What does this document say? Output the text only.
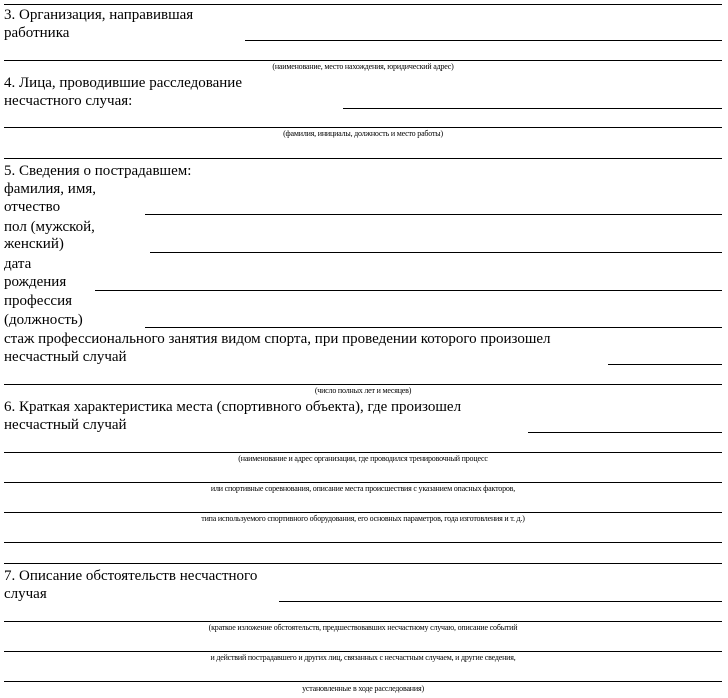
3. Организация, направившая
работника
(наименование, место нахождения, юридический адрес)
4. Лица, проводившие расследование
несчастного случая:
(фамилия, инициалы, должность и место работы)
5. Сведения о пострадавшем:
фамилия, имя,
отчество
пол (мужской,
женский)
дата
рождения
профессия
(должность)
стаж профессионального занятия видом спорта, при проведении которого произошел
несчастный случай
(число полных лет и месяцев)
6. Краткая характеристика места (спортивного объекта), где произошел
несчастный случай
(наименование и адрес организации, где проводился тренировочный процесс
или спортивные соревнования, описание места происшествия с указанием опасных факторов,
типа используемого спортивного оборудования, его основных параметров, года изготовления и т. д.)
7. Описание обстоятельств несчастного
случая
(краткое изложение обстоятельств, предшествовавших несчастному случаю, описание событий
и действий пострадавшего и других лиц, связанных с несчастным случаем, и другие сведения,
установленные в ходе расследования)
